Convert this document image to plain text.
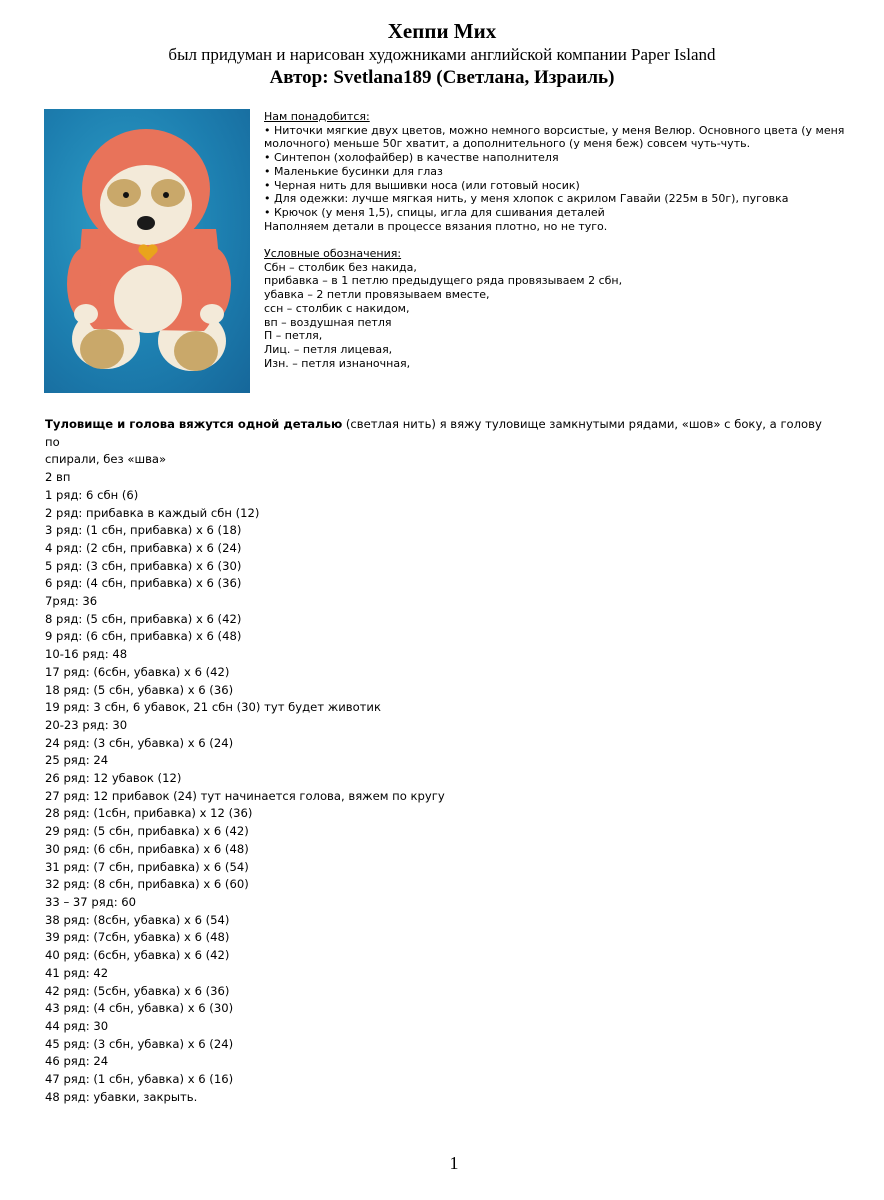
Хеппи Мих
был придуман и нарисован художниками английской компании Paper Island
Автор: Svetlana189 (Светлана, Израиль)
Нам понадобится:
• Ниточки мягкие двух цветов, можно немного ворсистые, у меня Велюр. Основного цвета (у меня
молочного) меньше 50г хватит, а дополнительного (у меня беж) совсем чуть-чуть.
• Синтепон (холофайбер) в качестве наполнителя
• Маленькие бусинки для глаз
• Черная нить для вышивки носа (или готовый носик)
• Для одежки: лучше мягкая нить, у меня хлопок с акрилом Гавайи (225м в 50г), пуговка
• Крючок (у меня 1,5), спицы, игла для сшивания деталей
Наполняем детали в процессе вязания плотно, но не туго.
Условные обозначения:
Сбн – столбик без накида,
прибавка – в 1 петлю предыдущего ряда провязываем 2 сбн,
убавка – 2 петли провязываем вместе,
ссн – столбик с накидом,
вп – воздушная петля
П – петля,
Лиц. – петля лицевая,
Изн. – петля изнаночная,
Туловище и голова вяжутся одной деталью (светлая нить) я вяжу туловище замкнутыми рядами, «шов» с боку, а голову по
спирали, без «шва»
2 вп
1 ряд: 6 сбн (6)
2 ряд: прибавка в каждый сбн (12)
3 ряд: (1 сбн, прибавка) х 6 (18)
4 ряд: (2 сбн, прибавка) х 6 (24)
5 ряд: (3 сбн, прибавка) х 6 (30)
6 ряд: (4 сбн, прибавка) х 6 (36)
7ряд: 36
8 ряд: (5 сбн, прибавка) х 6 (42)
9 ряд: (6 сбн, прибавка) х 6 (48)
10-16 ряд: 48
17 ряд: (6сбн, убавка) х 6 (42)
18 ряд: (5 сбн, убавка) х 6 (36)
19 ряд: 3 сбн, 6 убавок, 21 сбн (30) тут будет животик
20-23 ряд: 30
24 ряд: (3 сбн, убавка) х 6 (24)
25 ряд: 24
26 ряд: 12 убавок (12)
27 ряд: 12 прибавок (24) тут начинается голова, вяжем по кругу
28 ряд: (1сбн, прибавка) х 12 (36)
29 ряд: (5 сбн, прибавка) х 6 (42)
30 ряд: (6 сбн, прибавка) х 6 (48)
31 ряд: (7 сбн, прибавка) х 6 (54)
32 ряд: (8 сбн, прибавка) х 6 (60)
33 – 37 ряд: 60
38 ряд: (8сбн, убавка) х 6 (54)
39 ряд: (7сбн, убавка) х 6 (48)
40 ряд: (6сбн, убавка) х 6 (42)
41 ряд: 42
42 ряд: (5сбн, убавка) х 6 (36)
43 ряд: (4 сбн, убавка) х 6 (30)
44 ряд: 30
45 ряд: (3 сбн, убавка) х 6 (24)
46 ряд: 24
47 ряд: (1 сбн, убавка) х 6 (16)
48 ряд: убавки, закрыть.
1
